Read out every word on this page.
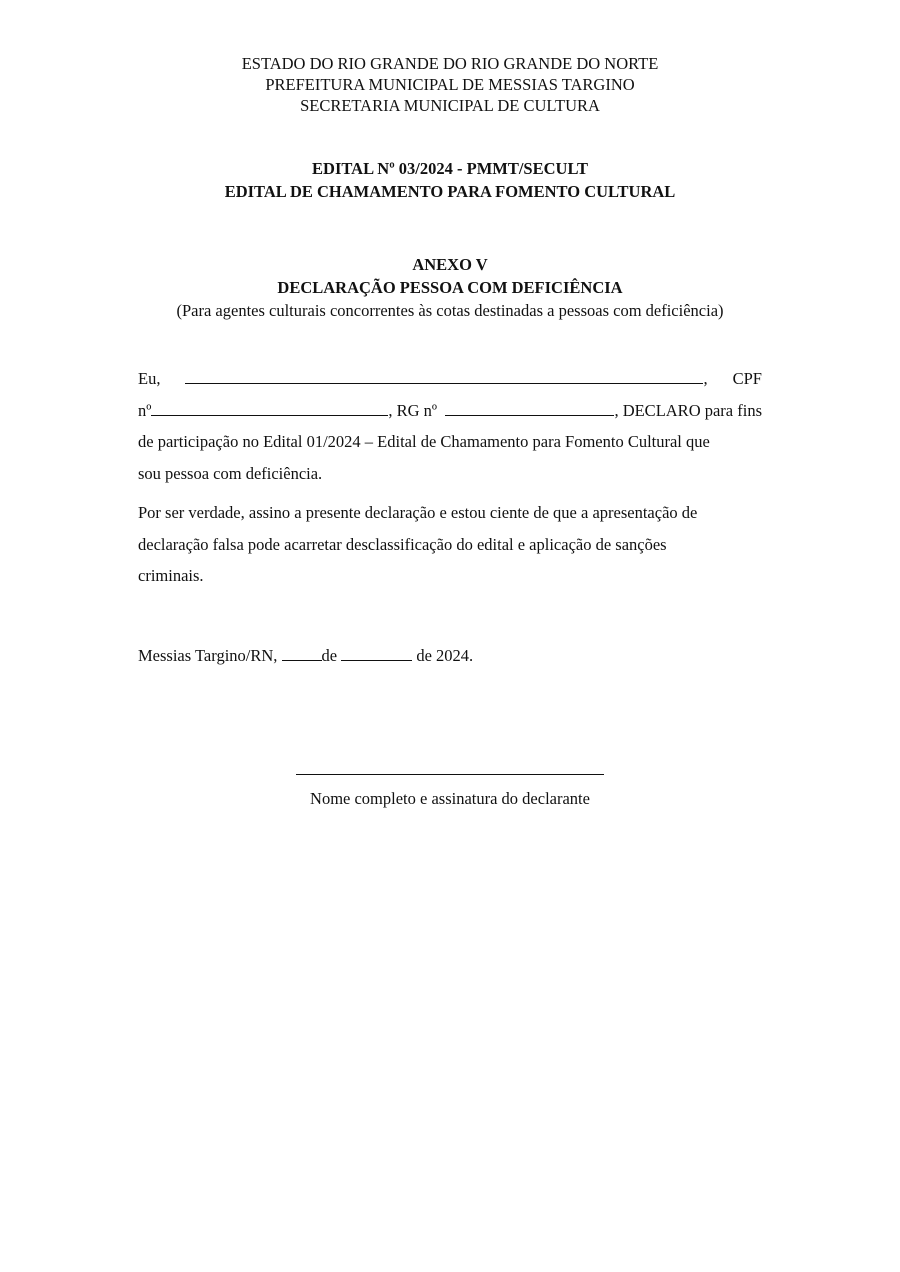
ESTADO DO RIO GRANDE DO RIO GRANDE DO NORTE
PREFEITURA MUNICIPAL DE MESSIAS TARGINO
SECRETARIA MUNICIPAL DE CULTURA
EDITAL Nº 03/2024 - PMMT/SECULT
EDITAL DE CHAMAMENTO PARA FOMENTO CULTURAL
ANEXO V
DECLARAÇÃO PESSOA COM DEFICIÊNCIA
(Para agentes culturais concorrentes às cotas destinadas a pessoas com deficiência)
Eu,	, CPF
nº	, RG nº	, DECLARO para fins
de participação no Edital 01/2024 – Edital de Chamamento para Fomento Cultural que
sou pessoa com deficiência.
Por ser verdade, assino a presente declaração e estou ciente de que a apresentação de
declaração falsa pode acarretar desclassificação do edital e aplicação de sanções
criminais.
Messias Targino/RN,	de	de 2024.
Nome completo e assinatura do declarante
